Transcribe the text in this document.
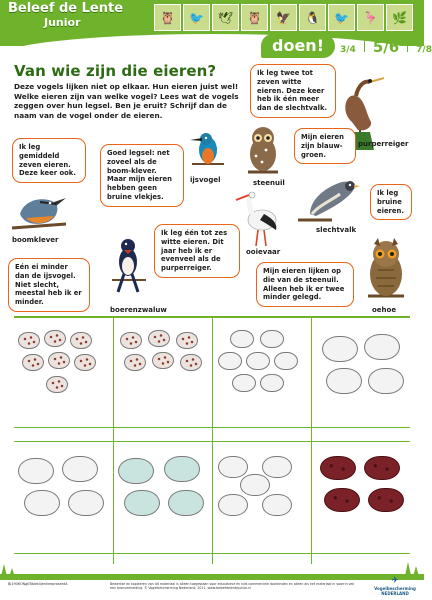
Beleef de Lente
Junior	🦉	🐦	🕊	🦉	🦅	🐧	🐦	🦩	🌿
doen!	3/4 5/6 7/8
Van wie zijn die eieren?
Deze vogels lijken niet op elkaar. Hun eieren juist wel! Welke eieren zijn van welke vogel? Lees wat de vogels zeggen over hun legsel. Ben je eruit? Schrijf dan de naam van de vogel onder de eieren.
purperreiger
ijsvogel	steenuil
boomklever
slechtvalk
ooievaar
boerenzwaluw	oehoe
Ik leg twee tot zeven witte eieren. Deze keer heb ik één meer dan de slechtvalk.
Ik leg gemiddeld zeven eieren. Deze keer ook.
Goed legsel: net zoveel als de boom-klever. Maar mijn eieren hebben geen bruine vlekjes.
Mijn eieren zijn blauw-groen.
Ik leg bruine eieren.
Ik leg één tot zes witte eieren. Dit jaar heb ik er evenveel als de purperreiger.
Eén ei minder dan de ijsvogel. Niet slecht, meestal heb ik er minder.
Mijn eieren lijken op die van de steenuil. Alleen heb ik er twee minder gelegd.
BJ1906ONgEBbleklijenheeprasentA	Bewerkte en kopieeren van dit materiaal is alleen toegestaan voor educatieve en niet-commerciele doeleinden en alleen als het materiaal in voorrin van een bronvermelding. © Vogelbescherming Nederland, 2011. www.beleefdelentejunior.nl
✈
Vogelbescherming NEDERLAND
